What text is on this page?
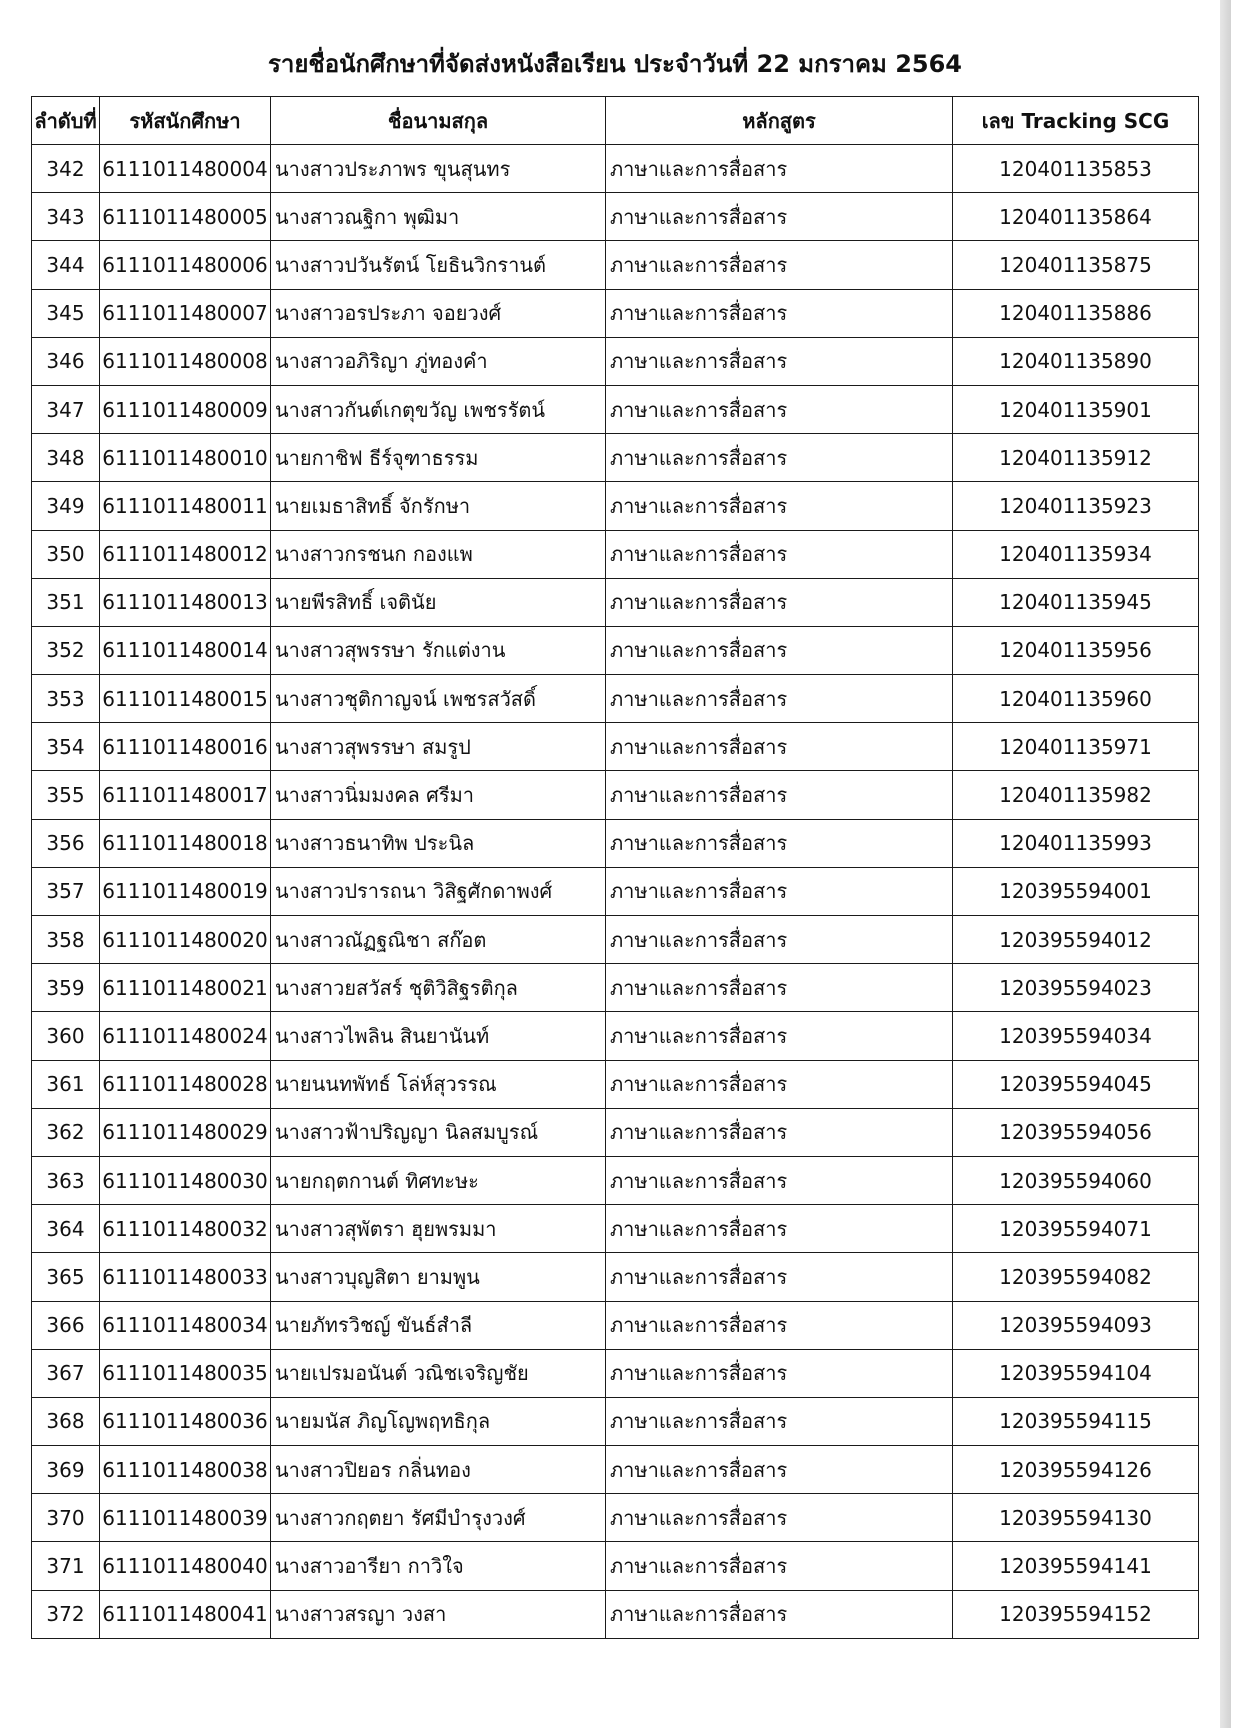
รายชื่อนักศึกษาที่จัดส่งหนังสือเรียน ประจำวันที่ 22 มกราคม 2564
ลำดับที่	รหัสนักศึกษา	ชื่อนามสกุล	หลักสูตร	เลข Tracking SCG
342	6111011480004	นางสาวประภาพร ขุนสุนทร	ภาษาและการสื่อสาร	120401135853
343	6111011480005	นางสาวณฐิกา พุฒิมา	ภาษาและการสื่อสาร	120401135864
344	6111011480006	นางสาวปวันรัตน์ โยธินวิกรานต์	ภาษาและการสื่อสาร	120401135875
345	6111011480007	นางสาวอรประภา จอยวงศ์	ภาษาและการสื่อสาร	120401135886
346	6111011480008	นางสาวอภิริญา ภู่ทองคำ	ภาษาและการสื่อสาร	120401135890
347	6111011480009	นางสาวกันต์เกตุขวัญ เพชรรัตน์	ภาษาและการสื่อสาร	120401135901
348	6111011480010	นายกาชิฟ ธีร์จุฑาธรรม	ภาษาและการสื่อสาร	120401135912
349	6111011480011	นายเมธาสิทธิ์ จักรักษา	ภาษาและการสื่อสาร	120401135923
350	6111011480012	นางสาวกรชนก กองแพ	ภาษาและการสื่อสาร	120401135934
351	6111011480013	นายพีรสิทธิ์ เจตินัย	ภาษาและการสื่อสาร	120401135945
352	6111011480014	นางสาวสุพรรษา รักแต่งาน	ภาษาและการสื่อสาร	120401135956
353	6111011480015	นางสาวชุติกาญจน์ เพชรสวัสดิ์	ภาษาและการสื่อสาร	120401135960
354	6111011480016	นางสาวสุพรรษา สมรูป	ภาษาและการสื่อสาร	120401135971
355	6111011480017	นางสาวนิ่มมงคล ศรีมา	ภาษาและการสื่อสาร	120401135982
356	6111011480018	นางสาวธนาทิพ ประนิล	ภาษาและการสื่อสาร	120401135993
357	6111011480019	นางสาวปรารถนา วิสิฐศักดาพงศ์	ภาษาและการสื่อสาร	120395594001
358	6111011480020	นางสาวณัฏฐณิชา สก๊อต	ภาษาและการสื่อสาร	120395594012
359	6111011480021	นางสาวยสวัสร์ ชุติวิสิฐรติกุล	ภาษาและการสื่อสาร	120395594023
360	6111011480024	นางสาวไพลิน สินยานันท์	ภาษาและการสื่อสาร	120395594034
361	6111011480028	นายนนทพัทธ์ โล่ห์สุวรรณ	ภาษาและการสื่อสาร	120395594045
362	6111011480029	นางสาวฟ้าปริญญา นิลสมบูรณ์	ภาษาและการสื่อสาร	120395594056
363	6111011480030	นายกฤตกานต์ ทิศทะษะ	ภาษาและการสื่อสาร	120395594060
364	6111011480032	นางสาวสุพัตรา ฮุยพรมมา	ภาษาและการสื่อสาร	120395594071
365	6111011480033	นางสาวบุญสิตา ยามพูน	ภาษาและการสื่อสาร	120395594082
366	6111011480034	นายภัทรวิชญ์ ขันธ์สำลี	ภาษาและการสื่อสาร	120395594093
367	6111011480035	นายเปรมอนันต์ วณิชเจริญชัย	ภาษาและการสื่อสาร	120395594104
368	6111011480036	นายมนัส ภิญโญพฤทธิกุล	ภาษาและการสื่อสาร	120395594115
369	6111011480038	นางสาวปิยอร กลิ่นทอง	ภาษาและการสื่อสาร	120395594126
370	6111011480039	นางสาวกฤตยา รัศมีบำรุงวงศ์	ภาษาและการสื่อสาร	120395594130
371	6111011480040	นางสาวอารียา กาวิใจ	ภาษาและการสื่อสาร	120395594141
372	6111011480041	นางสาวสรญา วงสา	ภาษาและการสื่อสาร	120395594152
